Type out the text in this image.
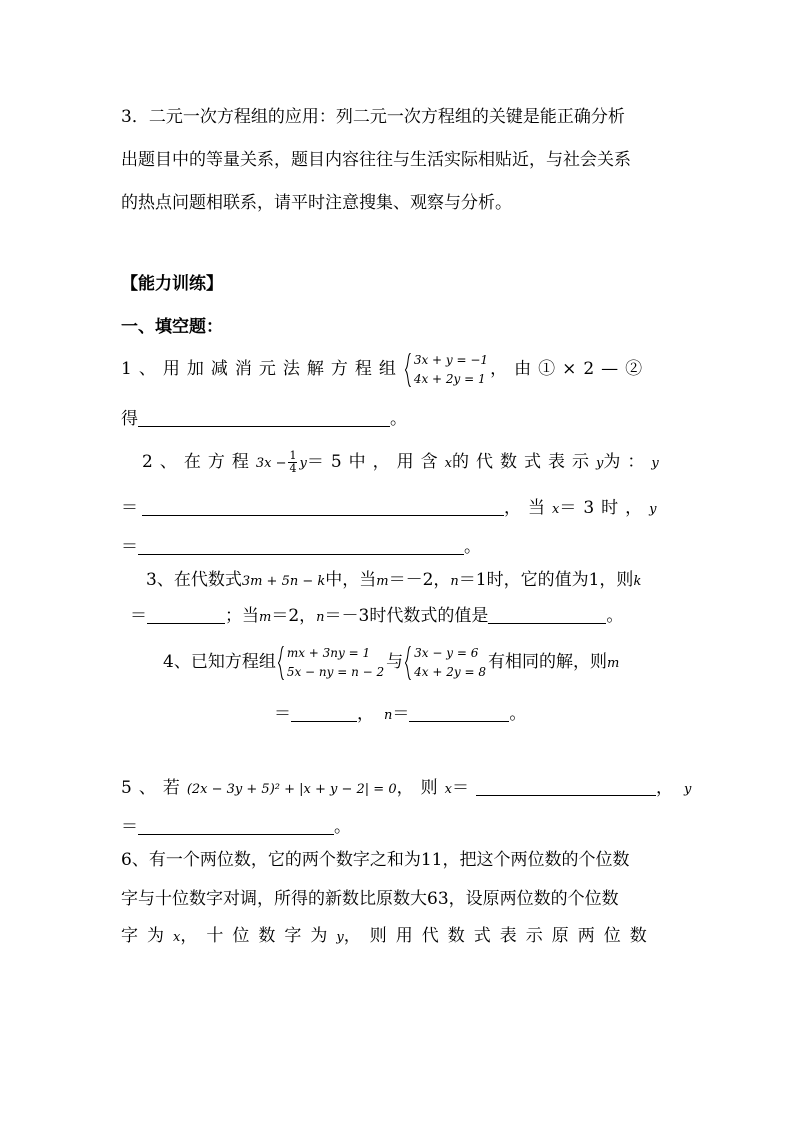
3．二元一次方程组的应用：列二元一次方程组的关键是能正确分析
出题目中的等量关系，题目内容往往与生活实际相贴近，与社会关系
的热点问题相联系，请平时注意搜集、观察与分析。
【能力训练】
一、填空题：
1、用加减消元法解方程组 3x + y = −1
4x + 2y = 1 ，由①×2—②
得	。
2、在方程$3x - \frac{1}{4} y=5$中，用含x的代数式表示y为：y
＝	，当x＝3时，y
＝	。
3、在代数式3m + 5n − k中，当m＝－2，n＝1时，它的值为1，则k
＝	；当m＝2，n＝－3时代数式的值是	。
4、已知方程组 mx + 3ny = 1
5x − ny = n − 2 与 3x − y = 6
4x + 2y = 8 有相同的解，则m
＝	， n＝	。
5、若(2x − 3y + 5)² + |x + y − 2| = 0，则x＝	， y
＝	。
6、有一个两位数，它的两个数字之和为11，把这个两位数的个位数
字与十位数字对调，所得的新数比原数大63，设原两位数的个位数
字为x，十位数字为y，则用代数式表示原两位数
